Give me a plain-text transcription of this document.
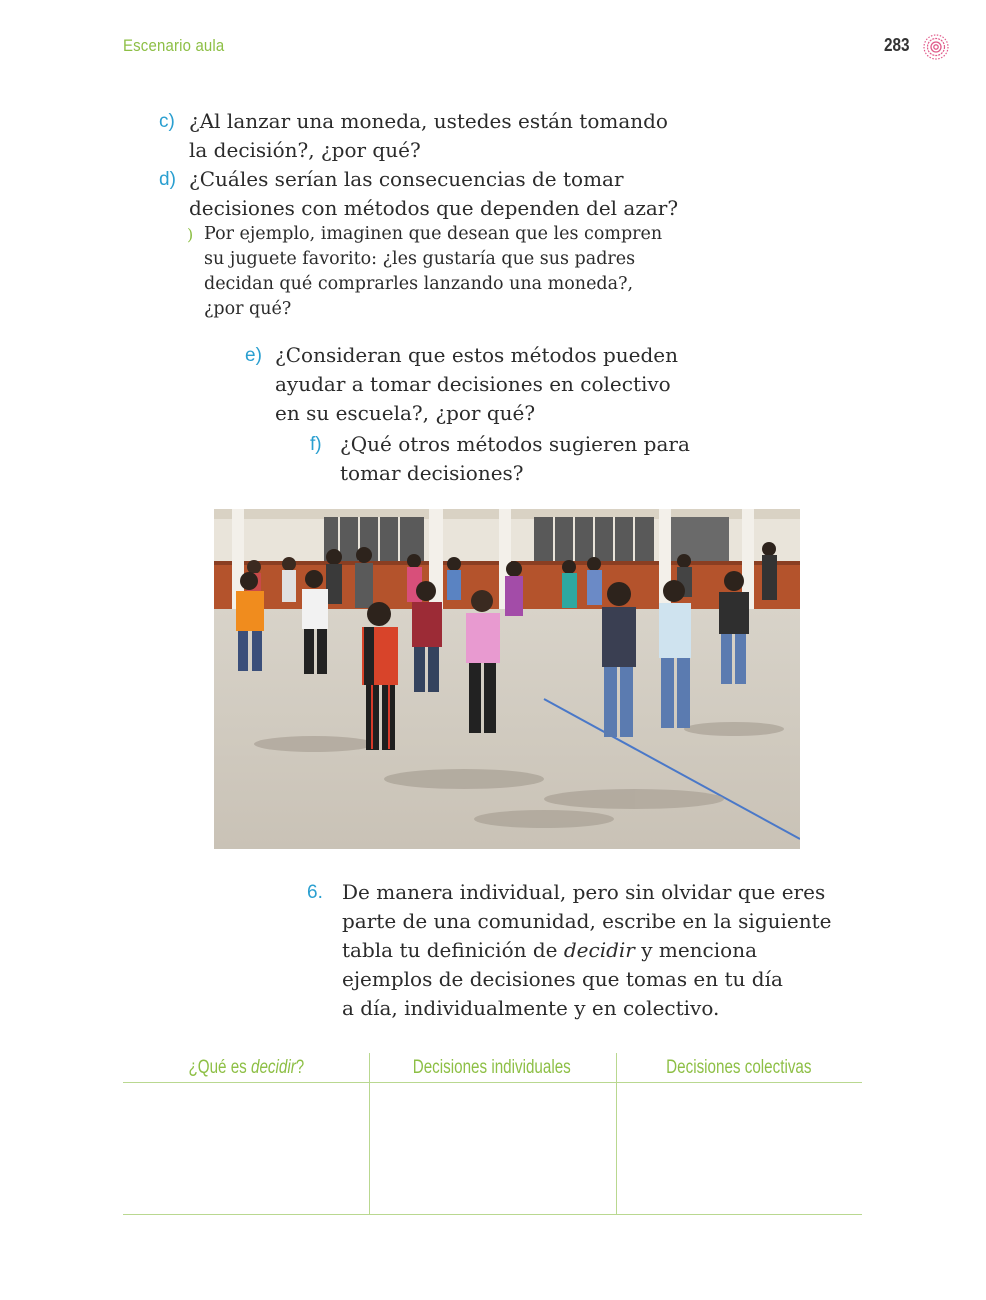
Escenario aula	283
c) ¿Al lanzar una moneda, ustedes están tomando
la decisión?, ¿por qué?
d) ¿Cuáles serían las consecuencias de tomar
decisiones con métodos que dependen del azar?
) Por ejemplo, imaginen que desean que les compren
su juguete favorito: ¿les gustaría que sus padres
decidan qué comprarles lanzando una moneda?,
¿por qué?
e) ¿Consideran que estos métodos pueden
ayudar a tomar decisiones en colectivo
en su escuela?, ¿por qué?
f) ¿Qué otros métodos sugieren para
tomar decisiones?
6. De manera individual, pero sin olvidar que eres
parte de una comunidad, escribe en la siguiente
tabla tu definición de decidir y menciona
ejemplos de decisiones que tomas en tu día
a día, individualmente y en colectivo.
¿Qué es decidir?	Decisiones individuales	Decisiones colectivas
